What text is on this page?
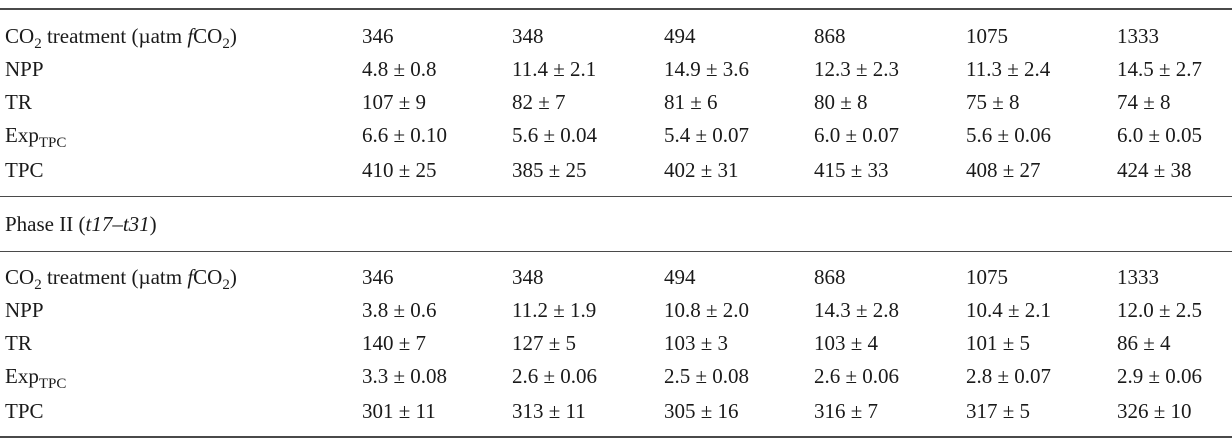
$CO_2$ treatment (µatm fCO$_2$)	346	348	494	868	1075	1333
NPP	4.8 ± 0.8	11.4 ± 2.1	14.9 ± 3.6	12.3 ± 2.3	11.3 ± 2.4	14.5 ± 2.7
TR	107 ± 9	82 ± 7	81 ± 6	80 ± 8	75 ± 8	74 ± 8
Exp$_{TPC}$	6.6 ± 0.10	5.6 ± 0.04	5.4 ± 0.07	6.0 ± 0.07	5.6 ± 0.06	6.0 ± 0.05
TPC	410 ± 25	385 ± 25	402 ± 31	415 ± 33	408 ± 27	424 ± 38
Phase II (t17–t31)
$CO_2$ treatment (µatm fCO$_2$)	346	348	494	868	1075	1333
NPP	3.8 ± 0.6	11.2 ± 1.9	10.8 ± 2.0	14.3 ± 2.8	10.4 ± 2.1	12.0 ± 2.5
TR	140 ± 7	127 ± 5	103 ± 3	103 ± 4	101 ± 5	86 ± 4
Exp$_{TPC}$	3.3 ± 0.08	2.6 ± 0.06	2.5 ± 0.08	2.6 ± 0.06	2.8 ± 0.07	2.9 ± 0.06
TPC	301 ± 11	313 ± 11	305 ± 16	316 ± 7	317 ± 5	326 ± 10
